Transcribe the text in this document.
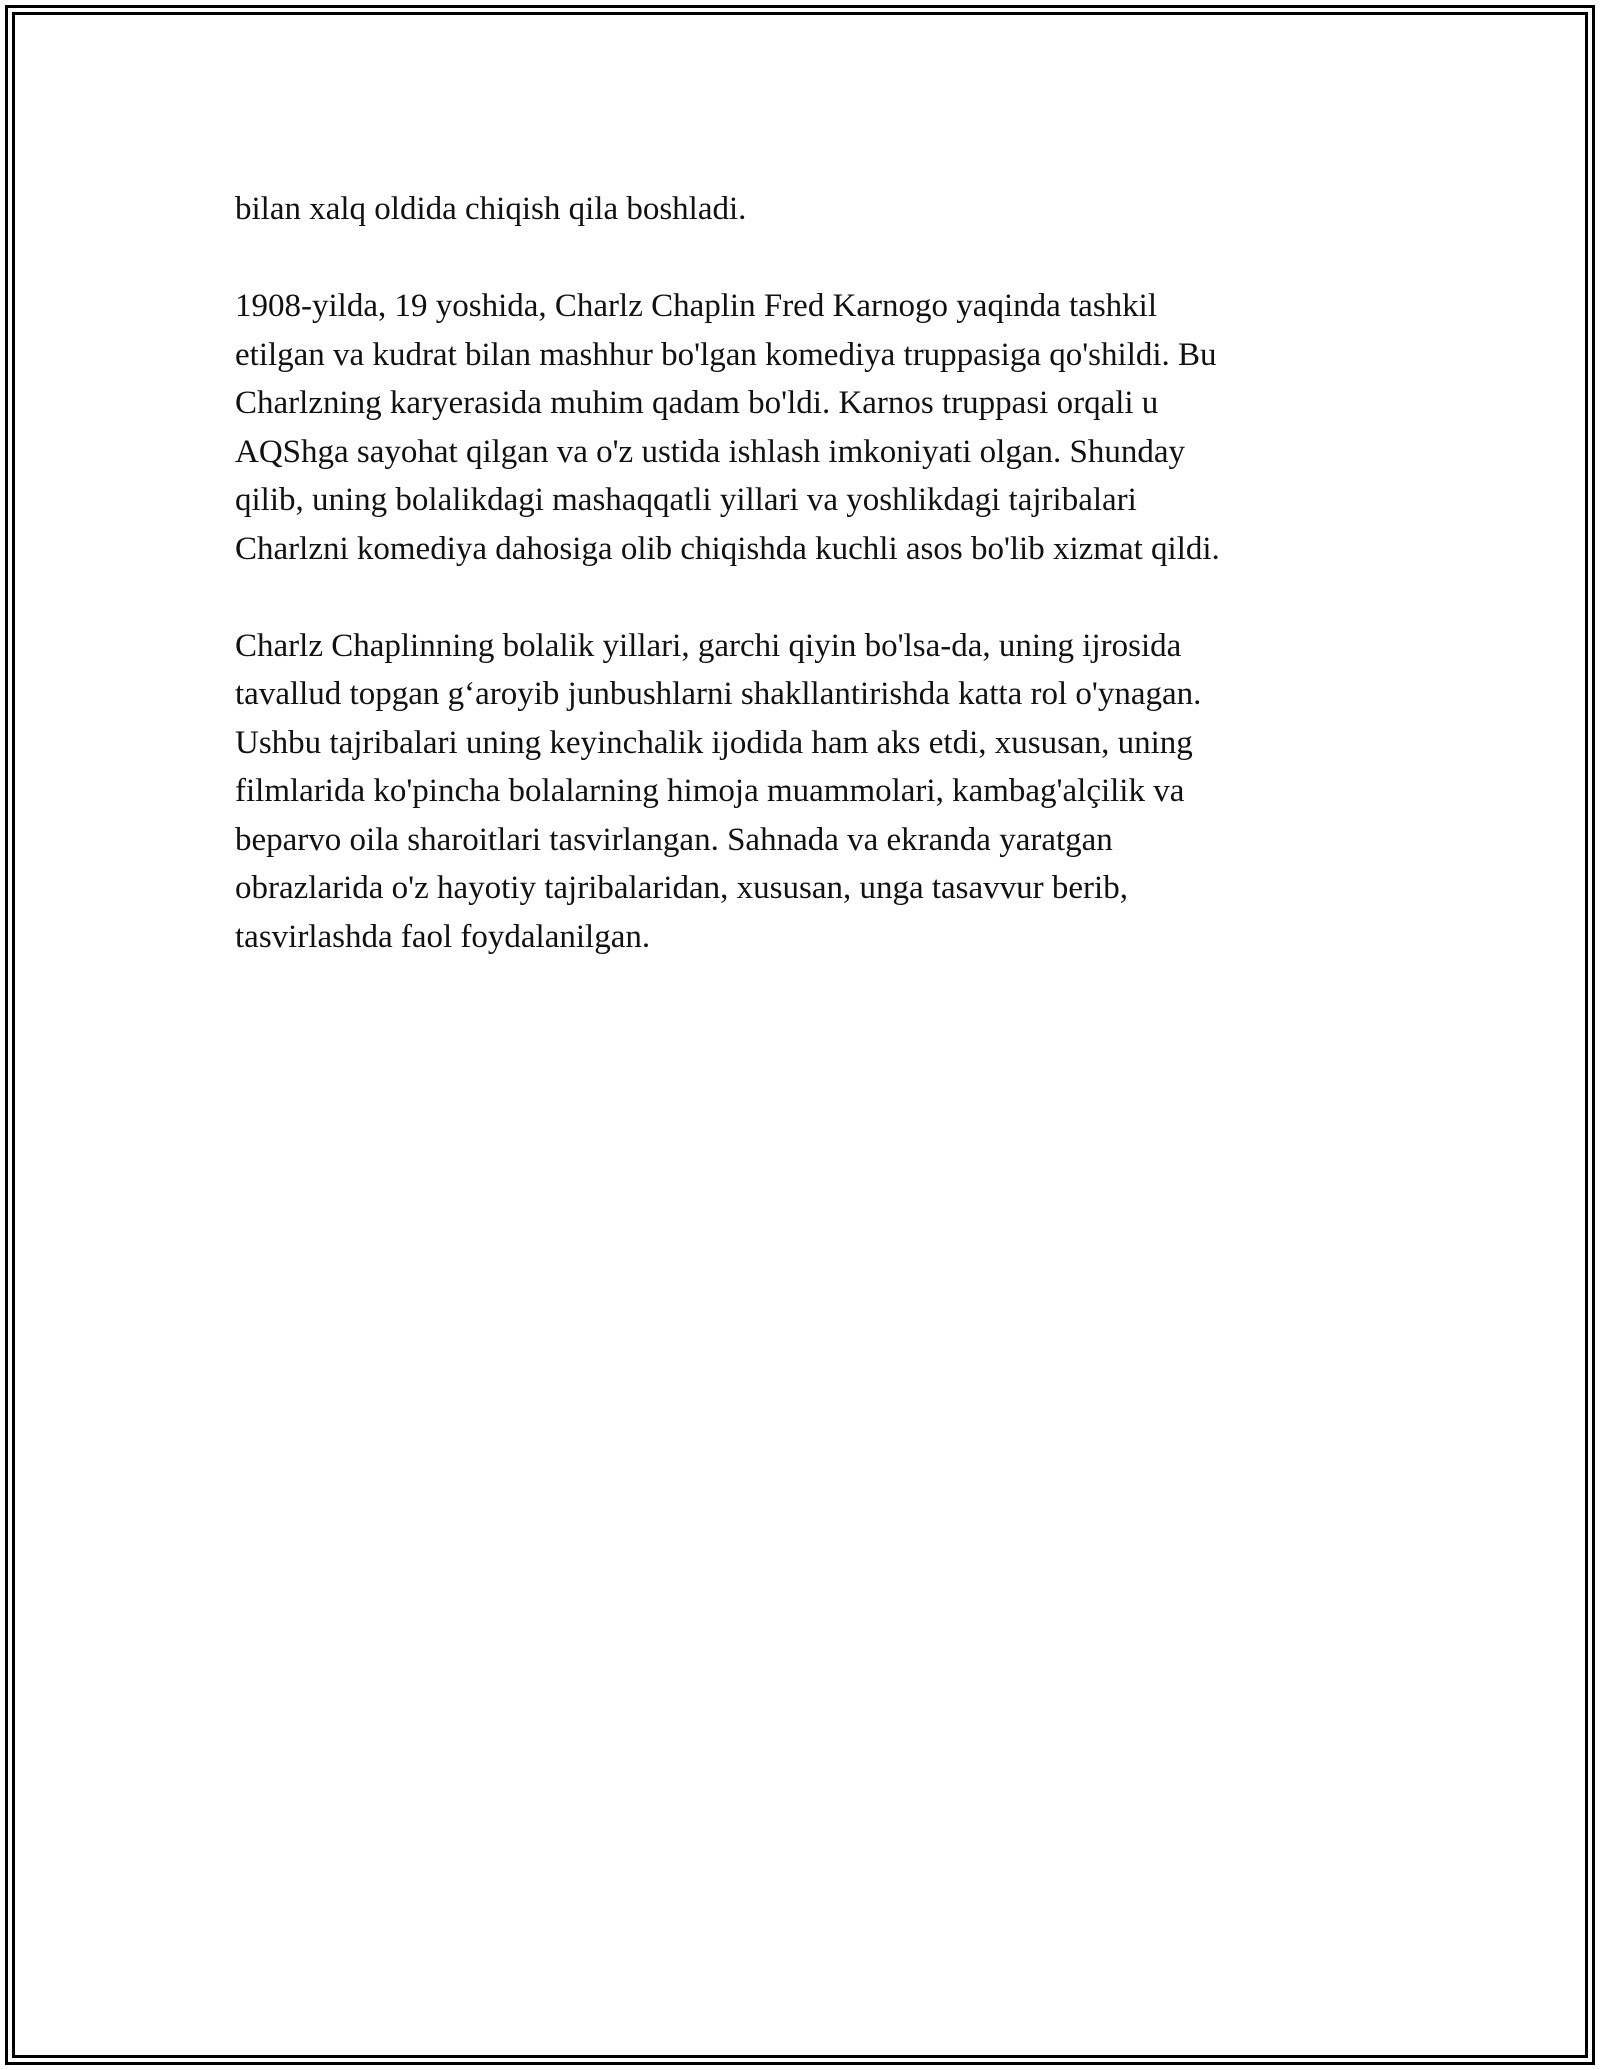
bilan xalq oldida chiqish qila boshladi.

1908-yilda, 19 yoshida, Charlz Chaplin Fred Karnogo yaqinda tashkil
etilgan va kudrat bilan mashhur bo'lgan komediya truppasiga qo'shildi. Bu
Charlzning karyerasida muhim qadam bo'ldi. Karnos truppasi orqali u
AQShga sayohat qilgan va o'z ustida ishlash imkoniyati olgan. Shunday
qilib, uning bolalikdagi mashaqqatli yillari va yoshlikdagi tajribalari
Charlzni komediya dahosiga olib chiqishda kuchli asos bo'lib xizmat qildi.

Charlz Chaplinning bolalik yillari, garchi qiyin bo'lsa-da, uning ijrosida
tavallud topgan g‘aroyib junbushlarni shakllantirishda katta rol o'ynagan.
Ushbu tajribalari uning keyinchalik ijodida ham aks etdi, xususan, uning
filmlarida ko'pincha bolalarning himoja muammolari, kambag'alçilik va
beparvo oila sharoitlari tasvirlangan. Sahnada va ekranda yaratgan
obrazlarida o'z hayotiy tajribalaridan, xususan, unga tasavvur berib,
tasvirlashda faol foydalanilgan.
